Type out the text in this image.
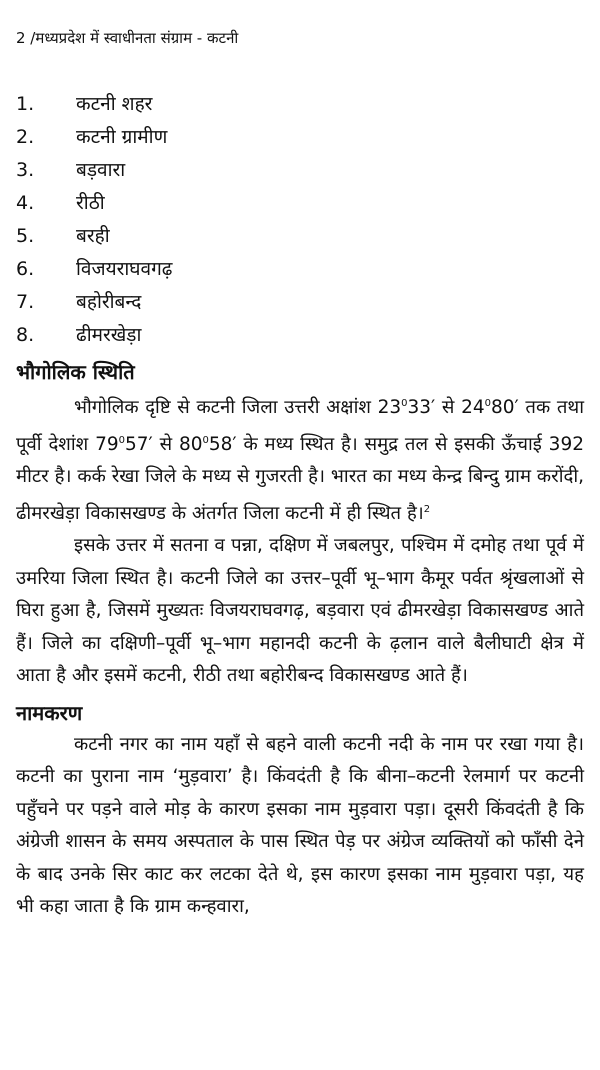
2 /मध्यप्रदेश में स्वाधीनता संग्राम - कटनी
1.	कटनी शहर
2.	कटनी ग्रामीण
3.	बड़वारा
4.	रीठी
5.	बरही
6.	विजयराघवगढ़
7.	बहोरीबन्द
8.	ढीमरखेड़ा
भौगोलिक स्थिति

भौगोलिक दृष्टि से कटनी जिला उत्तरी अक्षांश $23^033'$ से $24^080'$ तक तथा पूर्वी देशांश $79^057'$ से $80^058'$ के मध्य स्थित है। समुद्र तल से इसकी ऊँचाई 392 मीटर है। कर्क रेखा जिले के मध्य से गुजरती है। भारत का मध्य केन्द्र बिन्दु ग्राम करोंदी, ढीमरखेड़ा विकासखण्ड के अंतर्गत जिला कटनी में ही स्थित है।$^2$

इसके उत्तर में सतना व पन्ना, दक्षिण में जबलपुर, पश्चिम में दमोह तथा पूर्व में उमरिया जिला स्थित है। कटनी जिले का उत्तर–पूर्वी भू–भाग कैमूर पर्वत श्रृंखलाओं से घिरा हुआ है, जिसमें मुख्यतः विजयराघवगढ़, बड़वारा एवं ढीमरखेड़ा विकासखण्ड आते हैं। जिले का दक्षिणी–पूर्वी भू–भाग महानदी कटनी के ढ़लान वाले बैलीघाटी क्षेत्र में आता है और इसमें कटनी, रीठी तथा बहोरीबन्द विकासखण्ड आते हैं।

नामकरण

कटनी नगर का नाम यहाँ से बहने वाली कटनी नदी के नाम पर रखा गया है। कटनी का पुराना नाम ‘मुड़वारा’ है। किंवदंती है कि बीना–कटनी रेलमार्ग पर कटनी पहुँचने पर पड़ने वाले मोड़ के कारण इसका नाम मुड़वारा पड़ा। दूसरी किंवदंती है कि अंग्रेजी शासन के समय अस्पताल के पास स्थित पेड़ पर अंग्रेज व्यक्तियों को फाँसी देने के बाद उनके सिर काट कर लटका देते थे, इस कारण इसका नाम मुड़वारा पड़ा, यह भी कहा जाता है कि ग्राम कन्हवारा,
